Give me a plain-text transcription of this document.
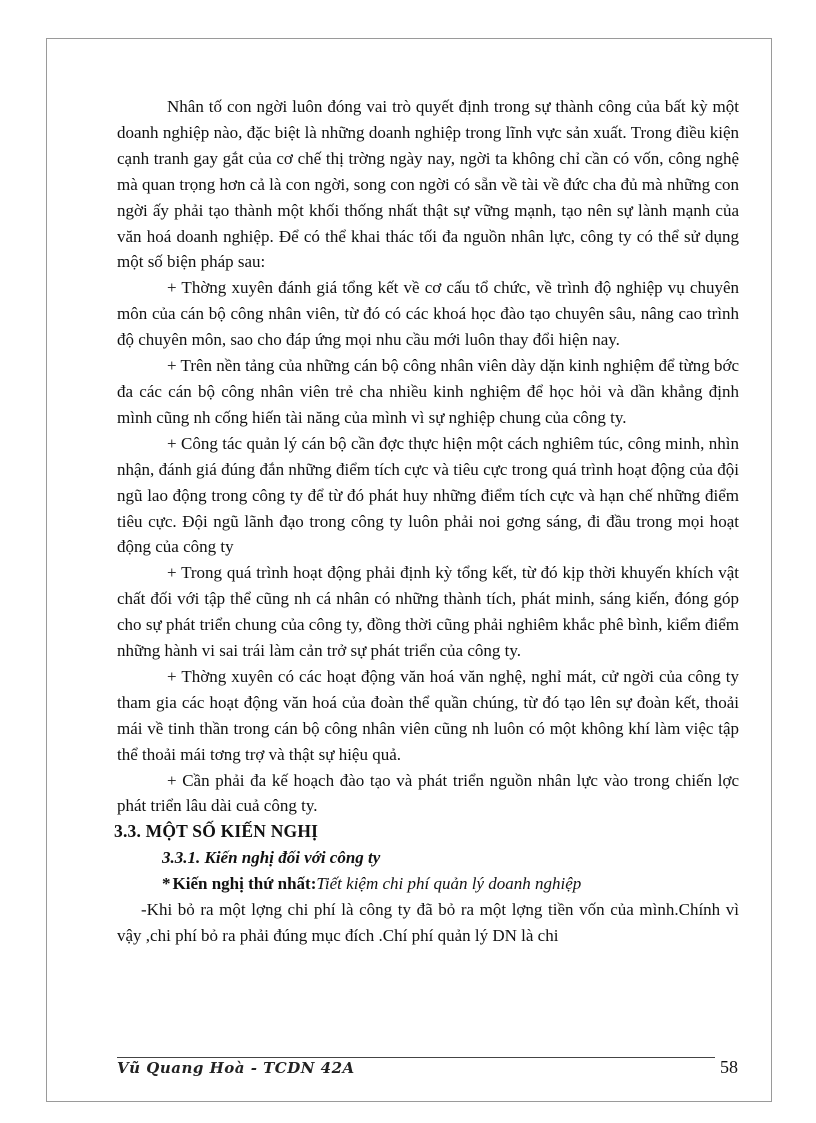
Nhân tố con ngời luôn đóng vai trò quyết định trong sự thành công của bất kỳ một doanh nghiệp nào, đặc biệt là những doanh nghiệp trong lĩnh vực sản xuất. Trong điều kiện cạnh tranh gay gắt của cơ chế thị trờng ngày nay, ngời ta không chỉ cần có vốn, công nghệ mà quan trọng hơn cả là con ngời, song con ngời có sẵn về tài về đức cha đủ mà những con ngời ấy phải tạo thành một khối thống nhất thật sự vững mạnh, tạo nên sự lành mạnh của văn hoá doanh nghiệp. Để có thể khai thác tối đa nguồn nhân lực, công ty có thể sử dụng một số biện pháp sau:

+ Thờng xuyên đánh giá tổng kết về cơ cấu tổ chức, về trình độ nghiệp vụ chuyên môn của cán bộ công nhân viên, từ đó có các khoá học đào tạo chuyên sâu, nâng cao trình độ chuyên môn, sao cho đáp ứng mọi nhu cầu mới luôn thay đổi hiện nay.

+ Trên nền tảng của những cán bộ công nhân viên dày dặn kinh nghiệm để từng bớc đa các cán bộ công nhân viên trẻ cha nhiều kinh nghiệm để học hỏi và dần khẳng định mình cũng nh cống hiến tài năng của mình vì sự nghiệp chung của công ty.

+ Công tác quản lý cán bộ cần đợc thực hiện một cách nghiêm túc, công minh, nhìn nhận, đánh giá đúng đắn những điểm tích cực và tiêu cực trong quá trình hoạt động của đội ngũ lao động trong công ty để từ đó phát huy những điểm tích cực và hạn chế những điểm tiêu cực. Đội ngũ lãnh đạo trong công ty luôn phải noi gơng sáng, đi đầu trong mọi hoạt động của công ty

+ Trong quá trình hoạt động phải định kỳ tổng kết, từ đó kịp thời khuyến khích vật chất đối với tập thể cũng nh cá nhân có những thành tích, phát minh, sáng kiến, đóng góp cho sự phát triển chung của công ty, đồng thời cũng phải nghiêm khắc phê bình, kiểm điểm những hành vi sai trái làm cản trở sự phát triển của công ty.

+ Thờng xuyên có các hoạt động văn hoá văn nghệ, nghỉ mát, cử ngời của công ty tham gia các hoạt động văn hoá của đoàn thể quần chúng, từ đó tạo lên sự đoàn kết, thoải mái về tinh thần trong cán bộ công nhân viên cũng nh luôn có một không khí làm việc tập thể thoải mái tơng trợ và thật sự hiệu quả.

+ Cần phải đa kế hoạch đào tạo và phát triển nguồn nhân lực vào trong chiến lợc phát triển lâu dài cuả công ty.

3.3. MỘT SỐ KIẾN NGHỊ
3.3.1. Kiến nghị đối với công ty
* Kiến nghị thứ nhất:Tiết kiệm chi phí quản lý doanh nghiệp

-Khi bỏ ra một lợng chi phí là công ty đã bỏ ra một lợng tiền vốn của mình.Chính vì vậy ,chi phí bỏ ra phải đúng mục đích .Chí phí quản lý DN là chi

Vũ Quang Hoà - TCDN 42A	58
